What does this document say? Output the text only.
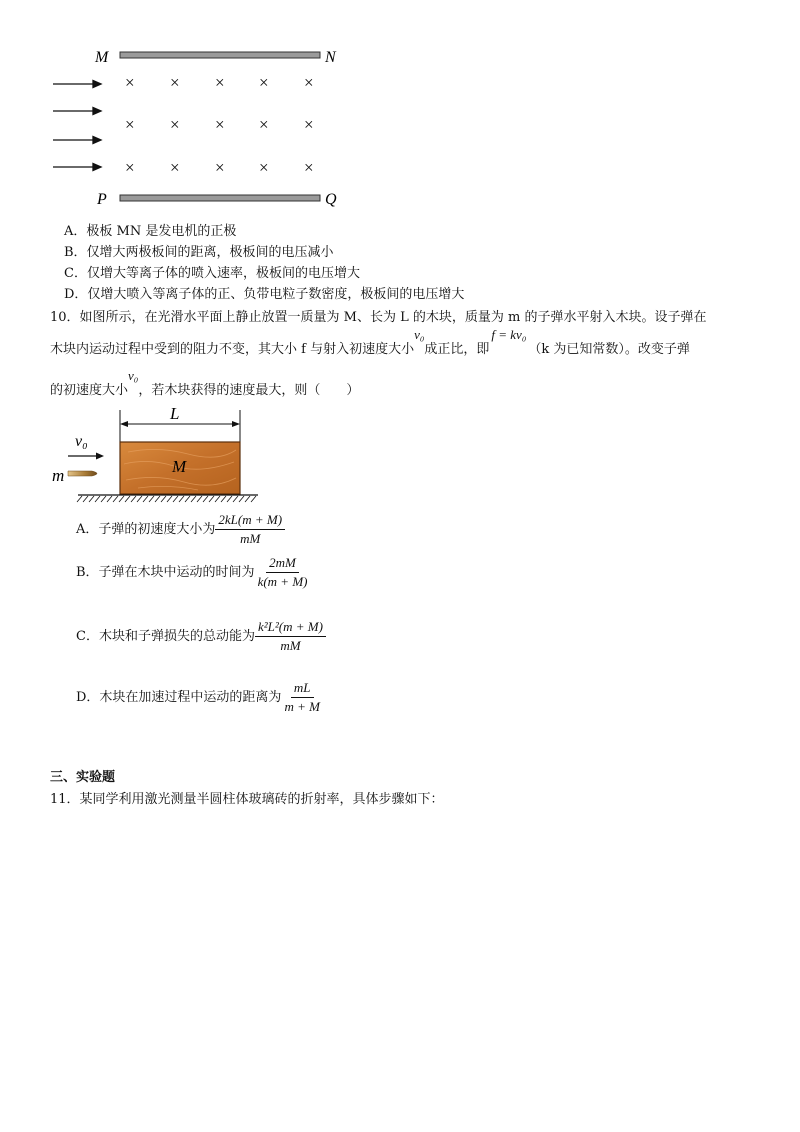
M	N
P	Q
× × × × ×
× × × × ×
× × × × ×
A．极板 MN 是发电机的正极
B．仅增大两极板间的距离，极板间的电压减小
C．仅增大等离子体的喷入速率，极板间的电压增大
D．仅增大喷入等离子体的正、负带电粒子数密度，极板间的电压增大
10．如图所示，在光滑水平面上静止放置一质量为 M、长为 L 的木块，质量为 m 的子弹水平射入木块。设子弹在
木块内运动过程中受到的阻力不变，其大小 f 与射入初速度大小v₀成正比，即f = kv₀（k 为已知常数）。改变子弹
的初速度大小v₀，若木块获得的速度最大，则（　　）
L
v₀
m	M
A．子弹的初速度大小为 $\frac{2kL(m + M)}{mM}$
B．子弹在木块中运动的时间为 $\frac{2mM}{k(m + M)}$
C．木块和子弹损失的总动能为 $\frac{\text{k²L²(m + M)}}{mM}$
D．木块在加速过程中运动的距离为 $\frac{mL}{m + M}$
三、实验题
11．某同学利用激光测量半圆柱体玻璃砖的折射率，具体步骤如下：
